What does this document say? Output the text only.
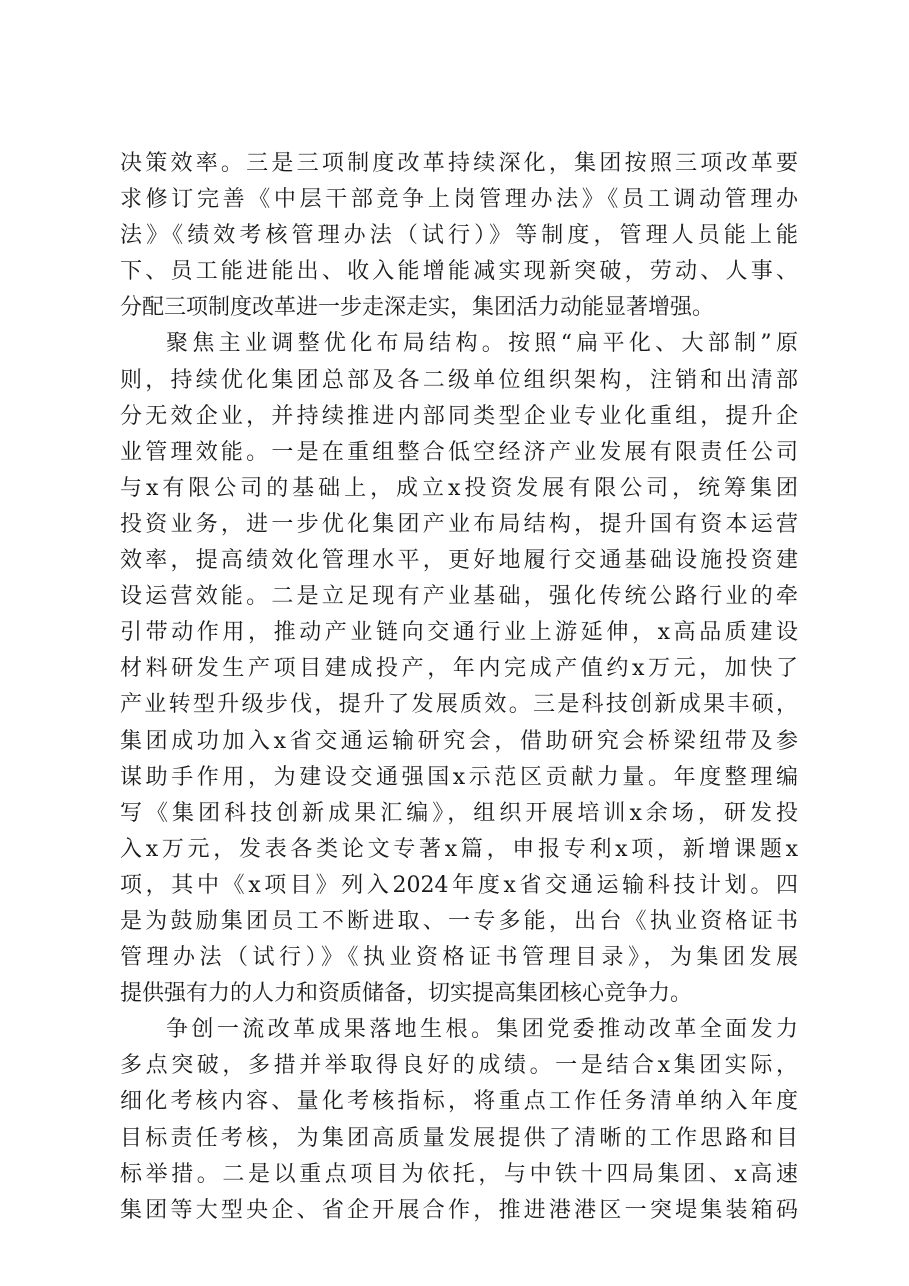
决策效率。三是三项制度改革持续深化，集团按照三项改革要
求修订完善《中层干部竞争上岗管理办法》《员工调动管理办
法》《绩效考核管理办法（试行）》等制度，管理人员能上能
下、员工能进能出、收入能增能减实现新突破，劳动、人事、
分配三项制度改革进一步走深走实，集团活力动能显著增强。
聚焦主业调整优化布局结构。按照“扁平化、大部制”原
则，持续优化集团总部及各二级单位组织架构，注销和出清部
分无效企业，并持续推进内部同类型企业专业化重组，提升企
业管理效能。一是在重组整合低空经济产业发展有限责任公司
与x有限公司的基础上，成立x投资发展有限公司，统筹集团
投资业务，进一步优化集团产业布局结构，提升国有资本运营
效率，提高绩效化管理水平，更好地履行交通基础设施投资建
设运营效能。二是立足现有产业基础，强化传统公路行业的牵
引带动作用，推动产业链向交通行业上游延伸，x高品质建设
材料研发生产项目建成投产，年内完成产值约x万元，加快了
产业转型升级步伐，提升了发展质效。三是科技创新成果丰硕，
集团成功加入x省交通运输研究会，借助研究会桥梁纽带及参
谋助手作用，为建设交通强国x示范区贡献力量。年度整理编
写《集团科技创新成果汇编》，组织开展培训x余场，研发投
入x万元，发表各类论文专著x篇，申报专利x项，新增课题x
项，其中《x项目》列入2024年度x省交通运输科技计划。四
是为鼓励集团员工不断进取、一专多能，出台《执业资格证书
管理办法（试行）》《执业资格证书管理目录》，为集团发展
提供强有力的人力和资质储备，切实提高集团核心竞争力。
争创一流改革成果落地生根。集团党委推动改革全面发力
多点突破，多措并举取得良好的成绩。一是结合x集团实际，
细化考核内容、量化考核指标，将重点工作任务清单纳入年度
目标责任考核，为集团高质量发展提供了清晰的工作思路和目
标举措。二是以重点项目为依托，与中铁十四局集团、x高速
集团等大型央企、省企开展合作，推进港港区一突堤集装箱码
